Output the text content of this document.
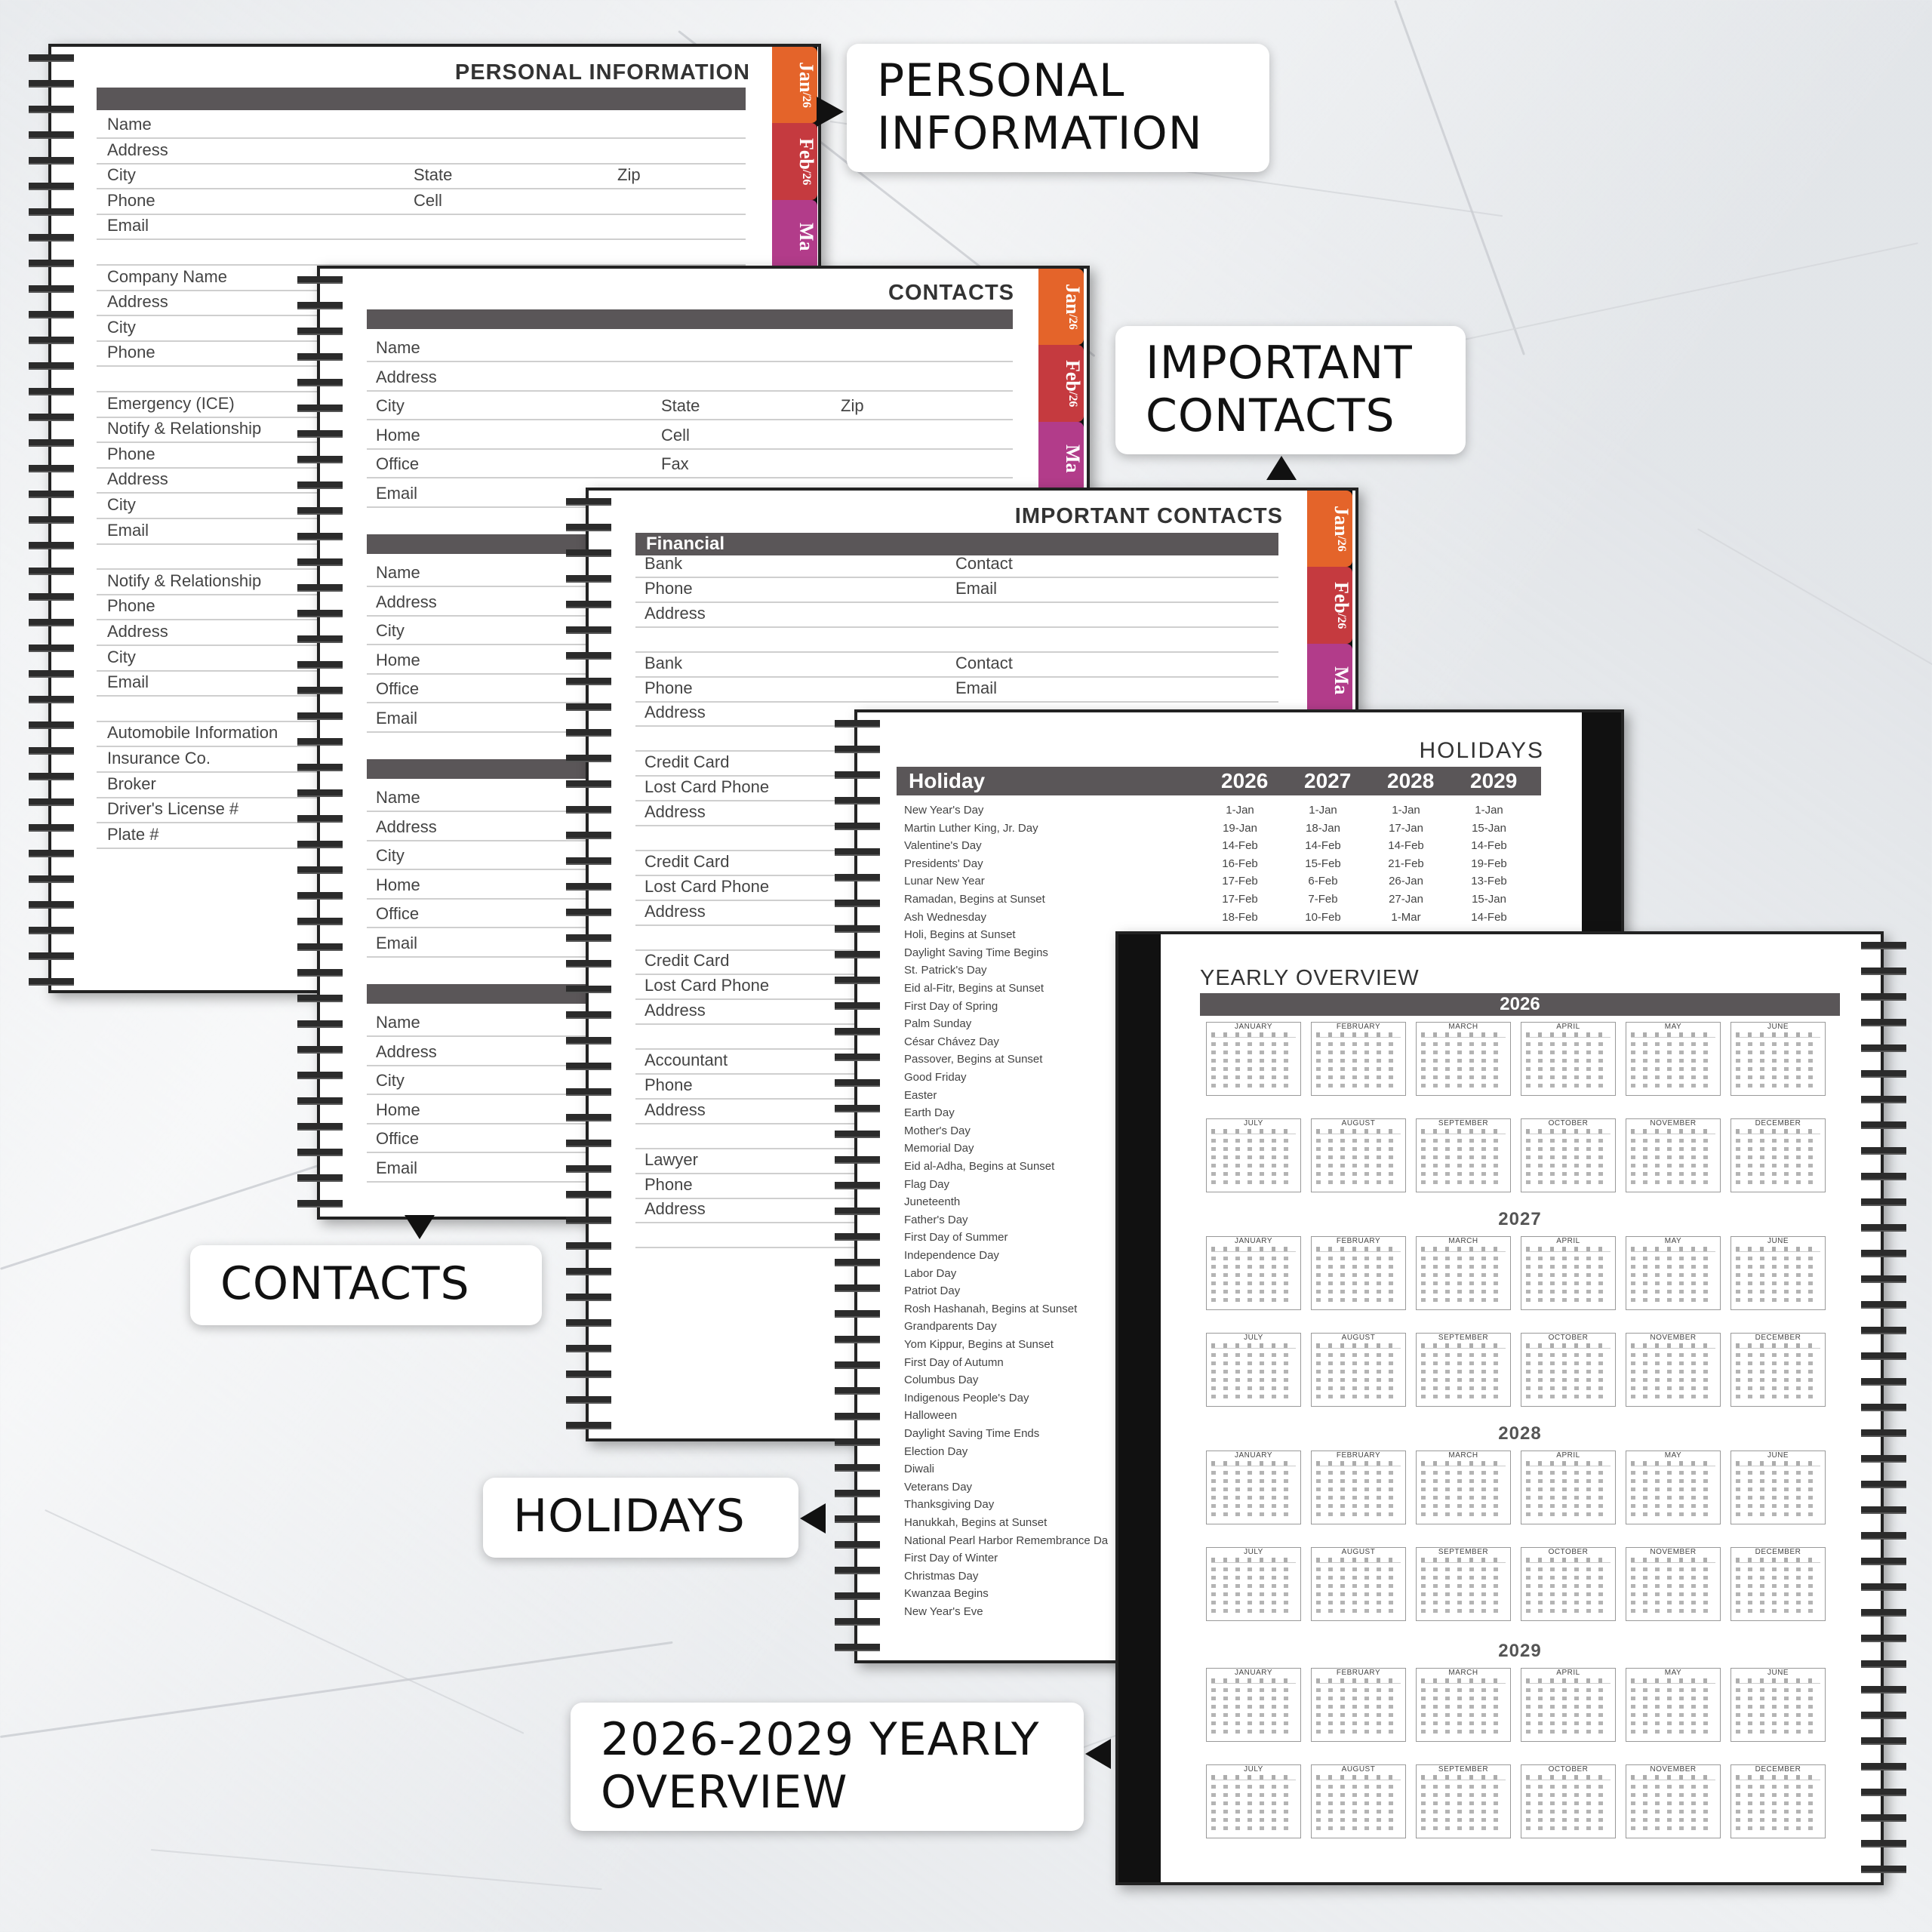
PERSONAL INFORMATION
Name
Address
City	State	Zip
Phone	Cell
Email
Company Name
Address
City
Phone
Emergency (ICE)
Notify & Relationship
Phone
Address
City
Email
Notify & Relationship
Phone
Address
City
Email
Automobile Information
Insurance Co.
Broker
Driver's License #
Plate #
Jan/26
Feb/26
Ma
CONTACTS
Name
Address
City	State	Zip
Home	Cell
Office	Fax
Email
Name
Address
City
Home
Office
Email
Name
Address
City
Home
Office
Email
Name
Address
City
Home
Office
Email
Jan/26
Feb/26
Ma
IMPORTANT CONTACTS
Financial
Bank	Contact
Phone	Email
Address
Bank	Contact
Phone	Email
Address
Credit Card
Lost Card Phone
Address
Credit Card
Lost Card Phone
Address
Credit Card
Lost Card Phone
Address
Accountant
Phone
Address
Lawyer
Phone
Address
Jan/26
Feb/26
Ma
HOLIDAYS
Holiday	2026 2027 2028 2029
New Year's Day	1-Jan	1-Jan	1-Jan	1-Jan
Martin Luther King, Jr. Day	19-Jan	18-Jan	17-Jan	15-Jan
Valentine's Day	14-Feb	14-Feb	14-Feb	14-Feb
Presidents' Day	16-Feb	15-Feb	21-Feb	19-Feb
Lunar New Year	17-Feb	6-Feb	26-Jan	13-Feb
Ramadan, Begins at Sunset	17-Feb	7-Feb	27-Jan	15-Jan
Ash Wednesday	18-Feb	10-Feb	1-Mar	14-Feb
Holi, Begins at Sunset
Daylight Saving Time Begins
St. Patrick's Day
Eid al-Fitr, Begins at Sunset
First Day of Spring
Palm Sunday
César Chávez Day
Passover, Begins at Sunset
Good Friday
Easter
Earth Day
Mother's Day
Memorial Day
Eid al-Adha, Begins at Sunset
Flag Day
Juneteenth
Father's Day
First Day of Summer
Independence Day
Labor Day
Patriot Day
Rosh Hashanah, Begins at Sunset
Grandparents Day
Yom Kippur, Begins at Sunset
First Day of Autumn
Columbus Day
Indigenous People's Day
Halloween
Daylight Saving Time Ends
Election Day
Diwali
Veterans Day
Thanksgiving Day
Hanukkah, Begins at Sunset
National Pearl Harbor Remembrance Da
First Day of Winter
Christmas Day
Kwanzaa Begins
New Year's Eve
YEARLY OVERVIEW
2026
JANUARY	FEBRUARY	MARCH	APRIL	MAY	JUNE
JULY	AUGUST	SEPTEMBER	OCTOBER	NOVEMBER	DECEMBER
2027
JANUARY	FEBRUARY	MARCH	APRIL	MAY	JUNE
JULY	AUGUST	SEPTEMBER	OCTOBER	NOVEMBER	DECEMBER
2028
JANUARY	FEBRUARY	MARCH	APRIL	MAY	JUNE
JULY	AUGUST	SEPTEMBER	OCTOBER	NOVEMBER	DECEMBER
2029
JANUARY	FEBRUARY	MARCH	APRIL	MAY	JUNE
JULY	AUGUST	SEPTEMBER	OCTOBER	NOVEMBER	DECEMBER
PERSONAL
INFORMATION
IMPORTANT
CONTACTS
CONTACTS
HOLIDAYS
2026-2029 YEARLY
OVERVIEW
